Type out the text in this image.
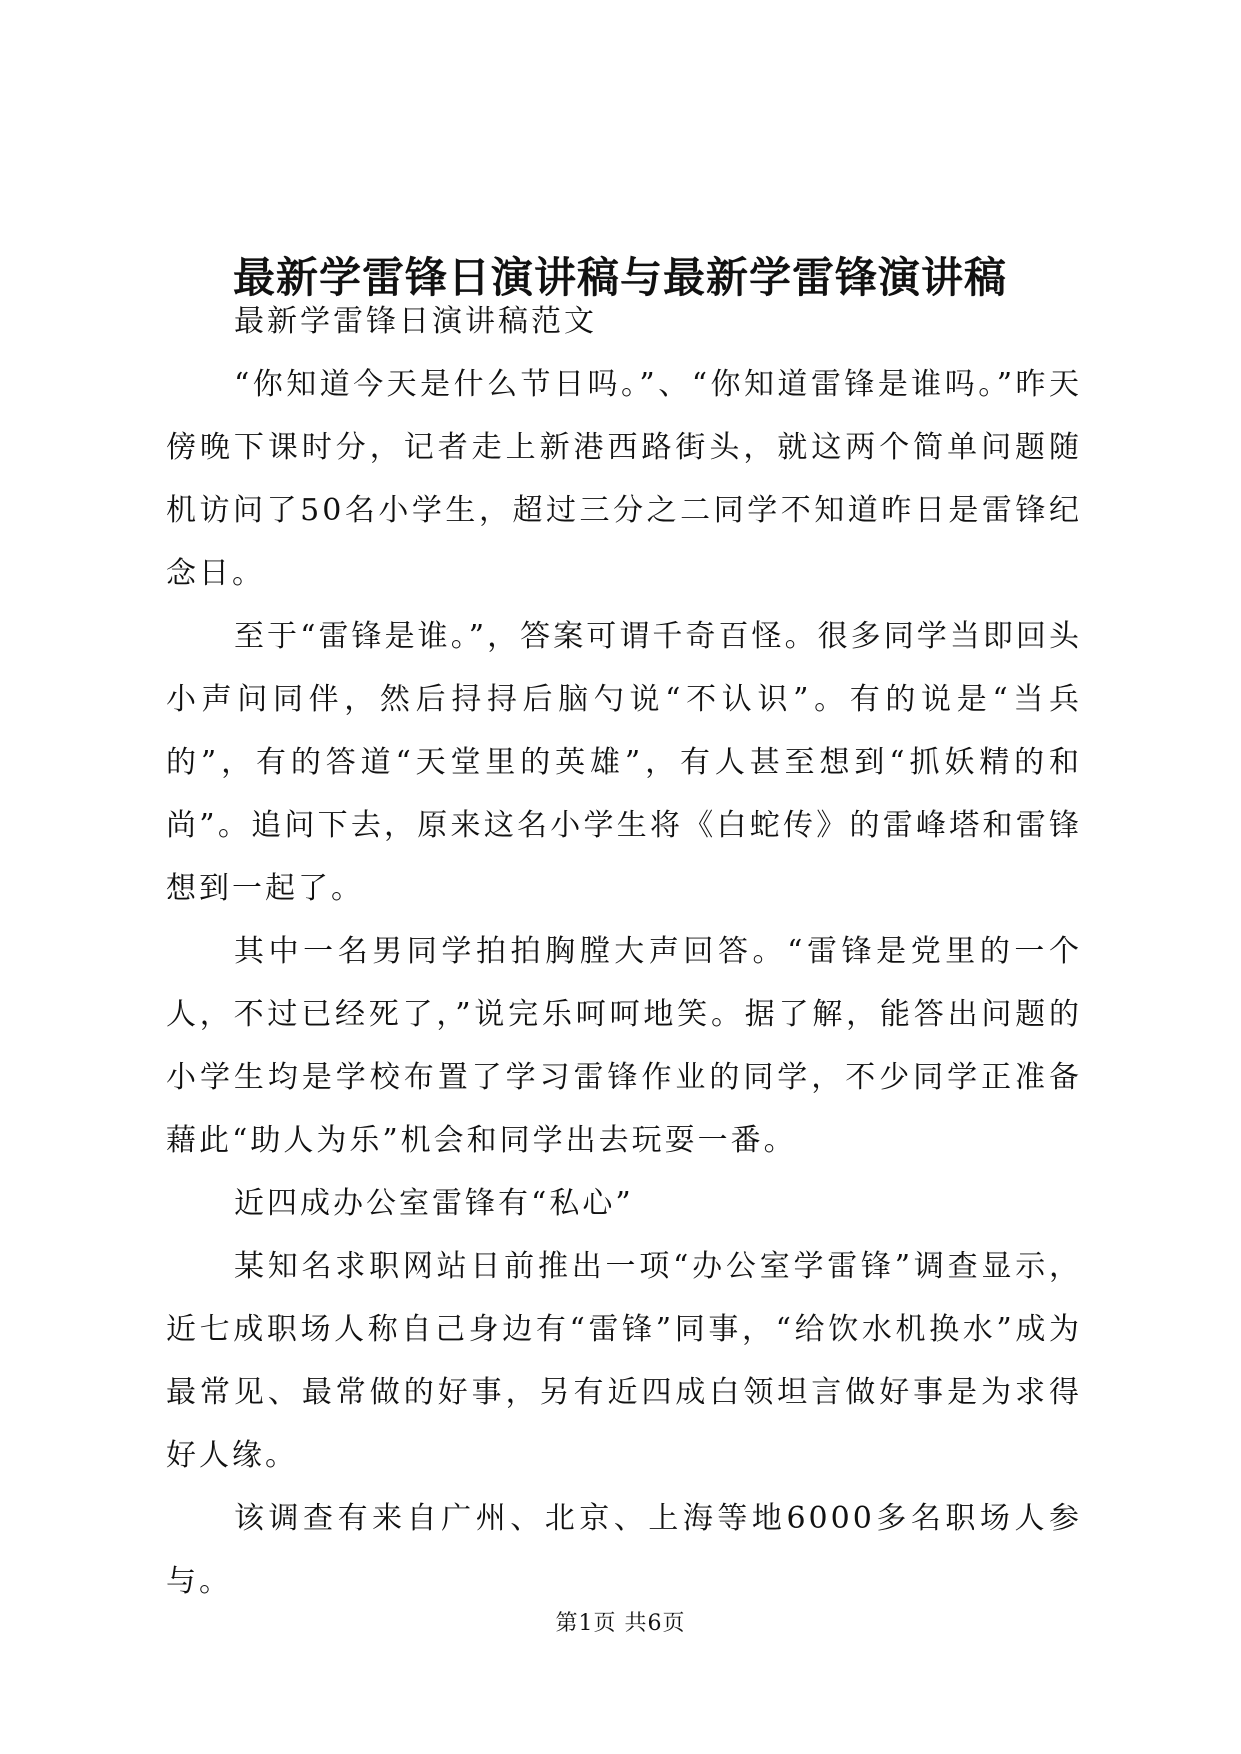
最新学雷锋日演讲稿与最新学雷锋演讲稿

最新学雷锋日演讲稿范文

“你知道今天是什么节日吗。”、“你知道雷锋是谁吗。”昨天傍晚下课时分，记者走上新港西路街头，就这两个简单问题随机访问了50名小学生，超过三分之二同学不知道昨日是雷锋纪念日。

至于“雷锋是谁。”，答案可谓千奇百怪。很多同学当即回头小声问同伴，然后挦挦后脑勺说“不认识”。有的说是“当兵的”，有的答道“天堂里的英雄”，有人甚至想到“抓妖精的和尚”。追问下去，原来这名小学生将《白蛇传》的雷峰塔和雷锋想到一起了。

其中一名男同学拍拍胸膛大声回答。“雷锋是党里的一个人，不过已经死了，”说完乐呵呵地笑。据了解，能答出问题的小学生均是学校布置了学习雷锋作业的同学，不少同学正准备藉此“助人为乐”机会和同学出去玩耍一番。

近四成办公室雷锋有“私心”

某知名求职网站日前推出一项“办公室学雷锋”调查显示，近七成职场人称自己身边有“雷锋”同事，“给饮水机换水”成为最常见、最常做的好事，另有近四成白领坦言做好事是为求得好人缘。

该调查有来自广州、北京、上海等地6000多名职场人参与。

第1页 共6页
